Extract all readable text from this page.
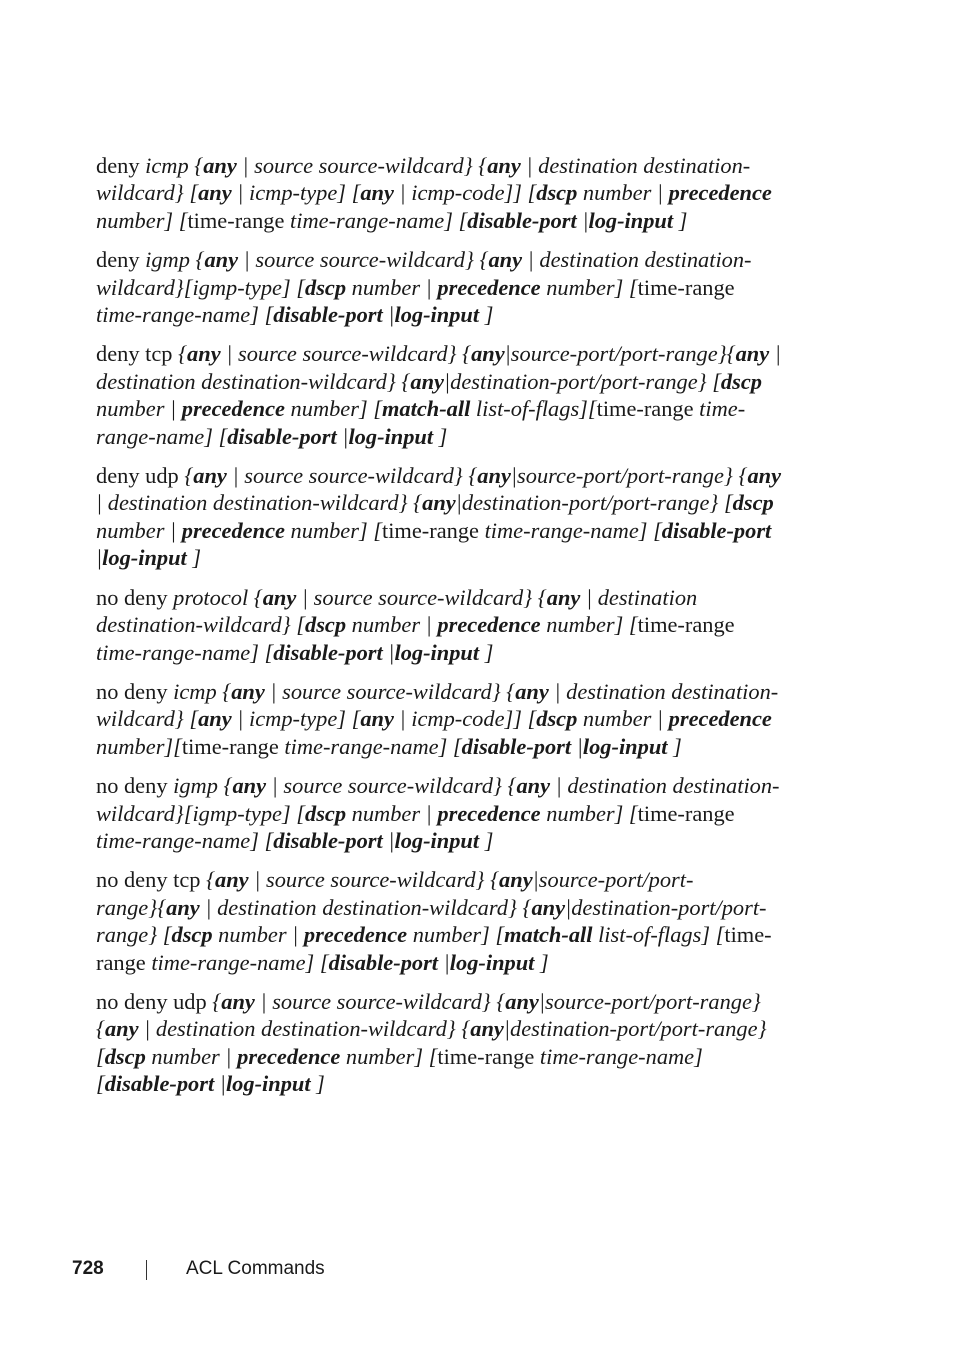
deny icmp {any | source source-wildcard} {any | destination destination-
wildcard} [any | icmp-type] [any | icmp-code]] [dscp number | precedence
number] [time-range time-range-name] [disable-port |log-input ]

deny igmp {any | source source-wildcard} {any | destination destination-
wildcard}[igmp-type] [dscp number | precedence number] [time-range
time-range-name] [disable-port |log-input ]

deny tcp {any | source source-wildcard} {any|source-port/port-range}{any |
destination destination-wildcard} {any|destination-port/port-range} [dscp
number | precedence number] [match-all list-of-flags][time-range time-
range-name] [disable-port |log-input ]

deny udp {any | source source-wildcard} {any|source-port/port-range} {any
| destination destination-wildcard} {any|destination-port/port-range} [dscp
number | precedence number] [time-range time-range-name] [disable-port
|log-input ]

no deny protocol {any | source source-wildcard} {any | destination
destination-wildcard} [dscp number | precedence number] [time-range
time-range-name] [disable-port |log-input ]

no deny icmp {any | source source-wildcard} {any | destination destination-
wildcard} [any | icmp-type] [any | icmp-code]] [dscp number | precedence
number][time-range time-range-name] [disable-port |log-input ]

no deny igmp {any | source source-wildcard} {any | destination destination-
wildcard}[igmp-type] [dscp number | precedence number] [time-range
time-range-name] [disable-port |log-input ]

no deny tcp {any | source source-wildcard} {any|source-port/port-
range}{any | destination destination-wildcard} {any|destination-port/port-
range} [dscp number | precedence number] [match-all list-of-flags] [time-
range time-range-name] [disable-port |log-input ]

no deny udp {any | source source-wildcard} {any|source-port/port-range}
{any | destination destination-wildcard} {any|destination-port/port-range}
[dscp number | precedence number] [time-range time-range-name]
[disable-port |log-input ]

728	ACL Commands
